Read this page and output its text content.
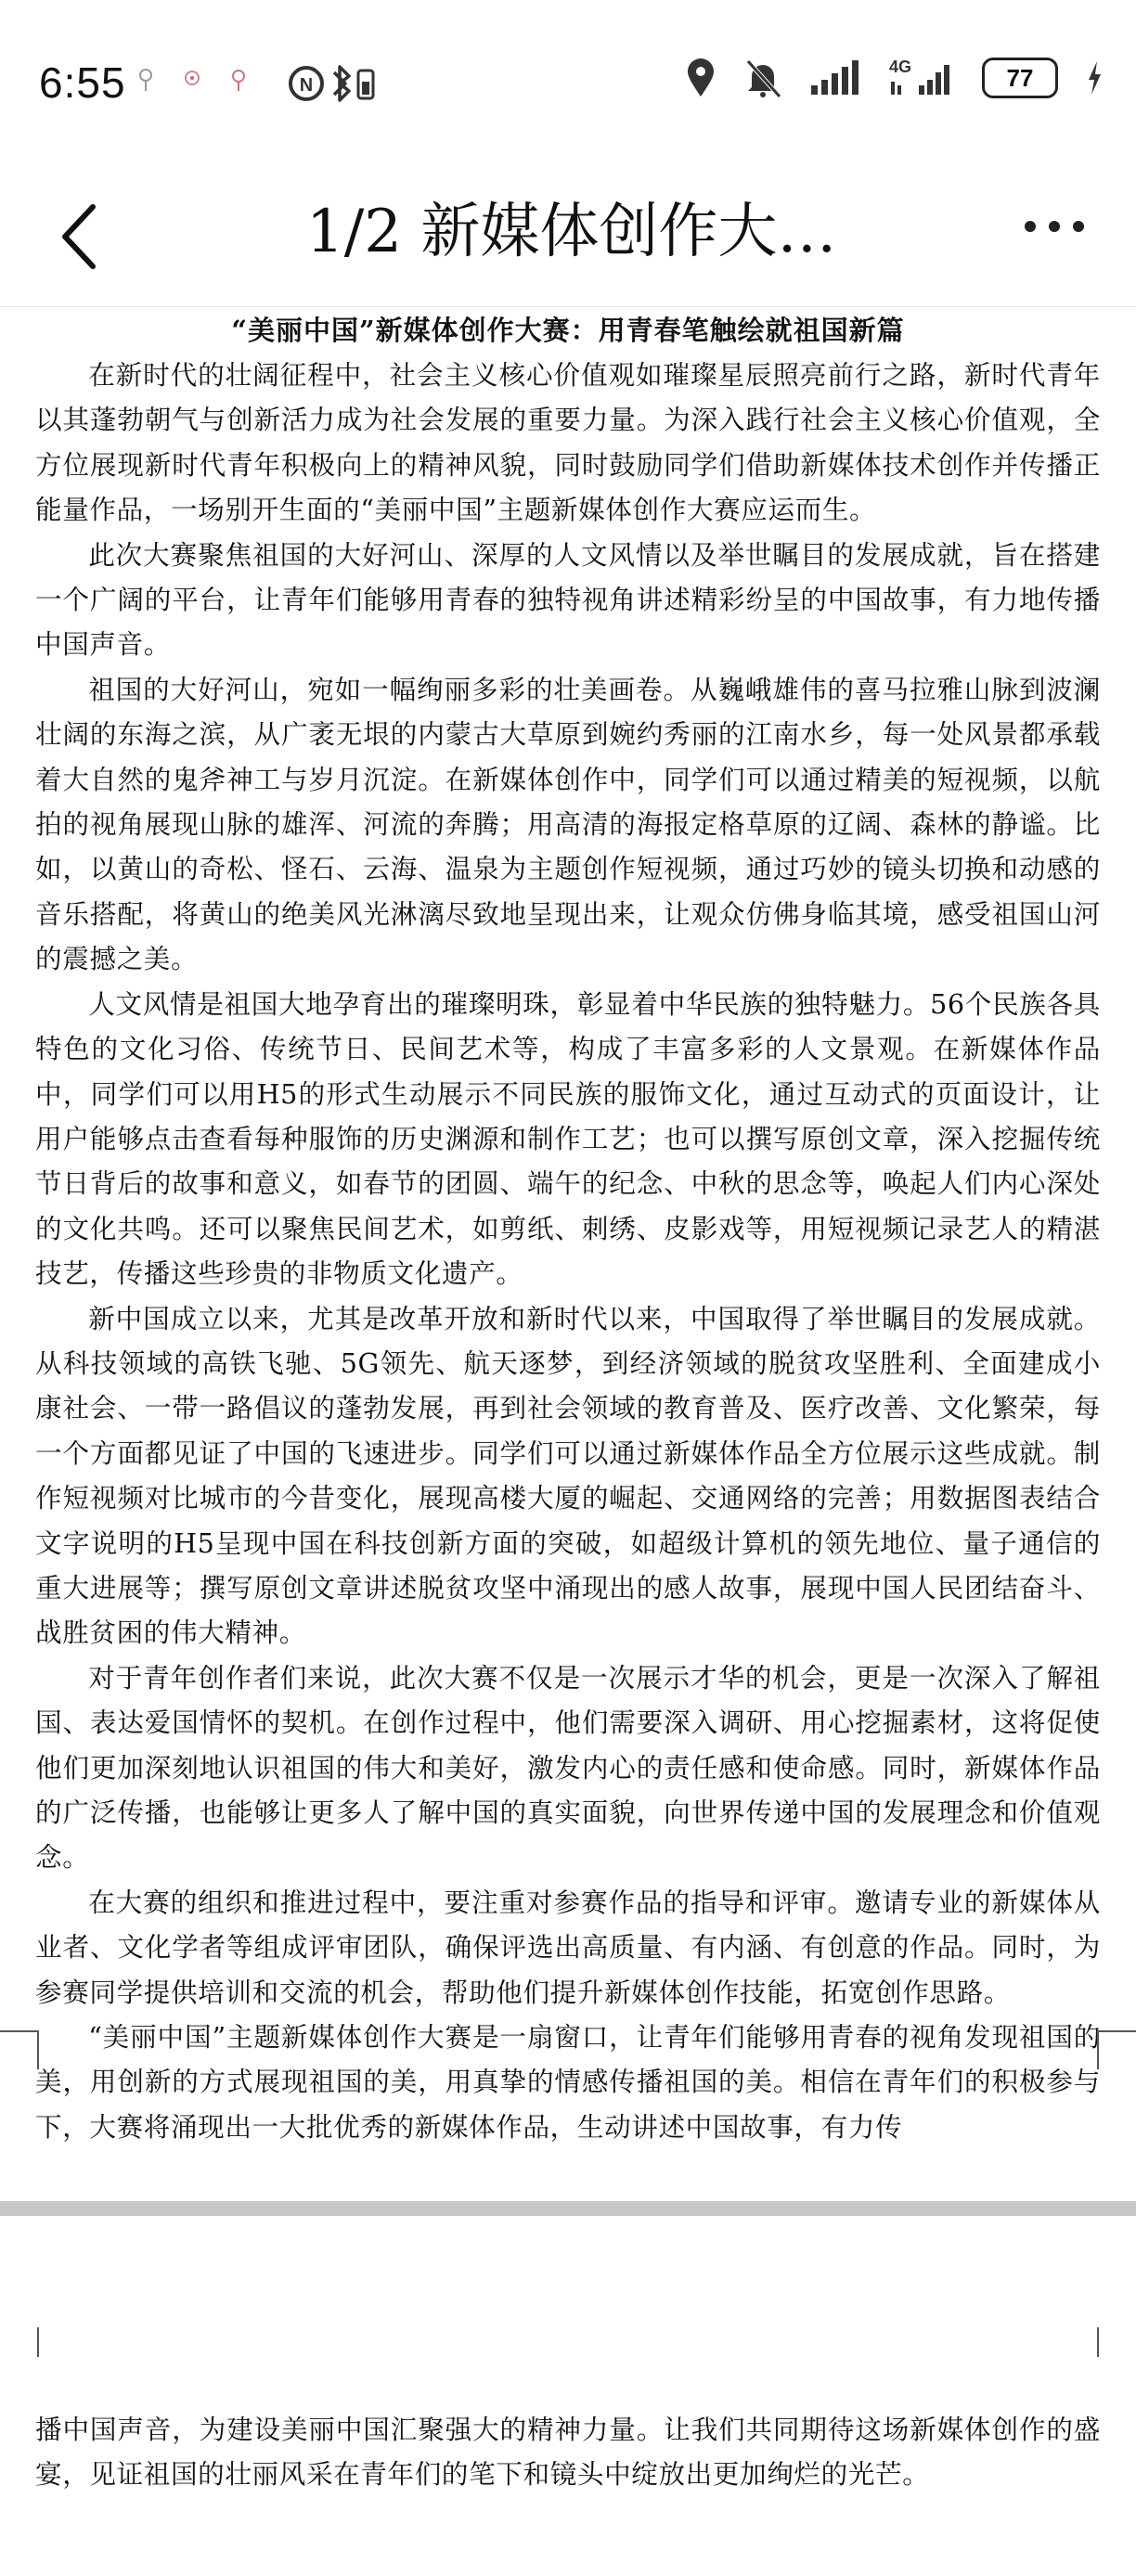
6:55	N
4G	77
1/2 新媒体创作大…
“美丽中国”新媒体创作大赛：用青春笔触绘就祖国新篇

在新时代的壮阔征程中，社会主义核心价值观如璀璨星辰照亮前行之路，新时代青年以其蓬勃朝气与创新活力成为社会发展的重要力量。为深入践行社会主义核心价值观，全方位展现新时代青年积极向上的精神风貌，同时鼓励同学们借助新媒体技术创作并传播正能量作品，一场别开生面的“美丽中国”主题新媒体创作大赛应运而生。

此次大赛聚焦祖国的大好河山、深厚的人文风情以及举世瞩目的发展成就，旨在搭建一个广阔的平台，让青年们能够用青春的独特视角讲述精彩纷呈的中国故事，有力地传播中国声音。

祖国的大好河山，宛如一幅绚丽多彩的壮美画卷。从巍峨雄伟的喜马拉雅山脉到波澜壮阔的东海之滨，从广袤无垠的内蒙古大草原到婉约秀丽的江南水乡，每一处风景都承载着大自然的鬼斧神工与岁月沉淀。在新媒体创作中，同学们可以通过精美的短视频，以航拍的视角展现山脉的雄浑、河流的奔腾；用高清的海报定格草原的辽阔、森林的静谧。比如，以黄山的奇松、怪石、云海、温泉为主题创作短视频，通过巧妙的镜头切换和动感的音乐搭配，将黄山的绝美风光淋漓尽致地呈现出来，让观众仿佛身临其境，感受祖国山河的震撼之美。

人文风情是祖国大地孕育出的璀璨明珠，彰显着中华民族的独特魅力。56个民族各具特色的文化习俗、传统节日、民间艺术等，构成了丰富多彩的人文景观。在新媒体作品中，同学们可以用H5的形式生动展示不同民族的服饰文化，通过互动式的页面设计，让用户能够点击查看每种服饰的历史渊源和制作工艺；也可以撰写原创文章，深入挖掘传统节日背后的故事和意义，如春节的团圆、端午的纪念、中秋的思念等，唤起人们内心深处的文化共鸣。还可以聚焦民间艺术，如剪纸、刺绣、皮影戏等，用短视频记录艺人的精湛技艺，传播这些珍贵的非物质文化遗产。

新中国成立以来，尤其是改革开放和新时代以来，中国取得了举世瞩目的发展成就。从科技领域的高铁飞驰、5G领先、航天逐梦，到经济领域的脱贫攻坚胜利、全面建成小康社会、一带一路倡议的蓬勃发展，再到社会领域的教育普及、医疗改善、文化繁荣，每一个方面都见证了中国的飞速进步。同学们可以通过新媒体作品全方位展示这些成就。制作短视频对比城市的今昔变化，展现高楼大厦的崛起、交通网络的完善；用数据图表结合文字说明的H5呈现中国在科技创新方面的突破，如超级计算机的领先地位、量子通信的重大进展等；撰写原创文章讲述脱贫攻坚中涌现出的感人故事，展现中国人民团结奋斗、战胜贫困的伟大精神。

对于青年创作者们来说，此次大赛不仅是一次展示才华的机会，更是一次深入了解祖国、表达爱国情怀的契机。在创作过程中，他们需要深入调研、用心挖掘素材，这将促使他们更加深刻地认识祖国的伟大和美好，激发内心的责任感和使命感。同时，新媒体作品的广泛传播，也能够让更多人了解中国的真实面貌，向世界传递中国的发展理念和价值观念。

在大赛的组织和推进过程中，要注重对参赛作品的指导和评审。邀请专业的新媒体从业者、文化学者等组成评审团队，确保评选出高质量、有内涵、有创意的作品。同时，为参赛同学提供培训和交流的机会，帮助他们提升新媒体创作技能，拓宽创作思路。

“美丽中国”主题新媒体创作大赛是一扇窗口，让青年们能够用青春的视角发现祖国的美，用创新的方式展现祖国的美，用真挚的情感传播祖国的美。相信在青年们的积极参与下，大赛将涌现出一大批优秀的新媒体作品，生动讲述中国故事，有力传

播中国声音，为建设美丽中国汇聚强大的精神力量。让我们共同期待这场新媒体创作的盛宴，见证祖国的壮丽风采在青年们的笔下和镜头中绽放出更加绚烂的光芒。
